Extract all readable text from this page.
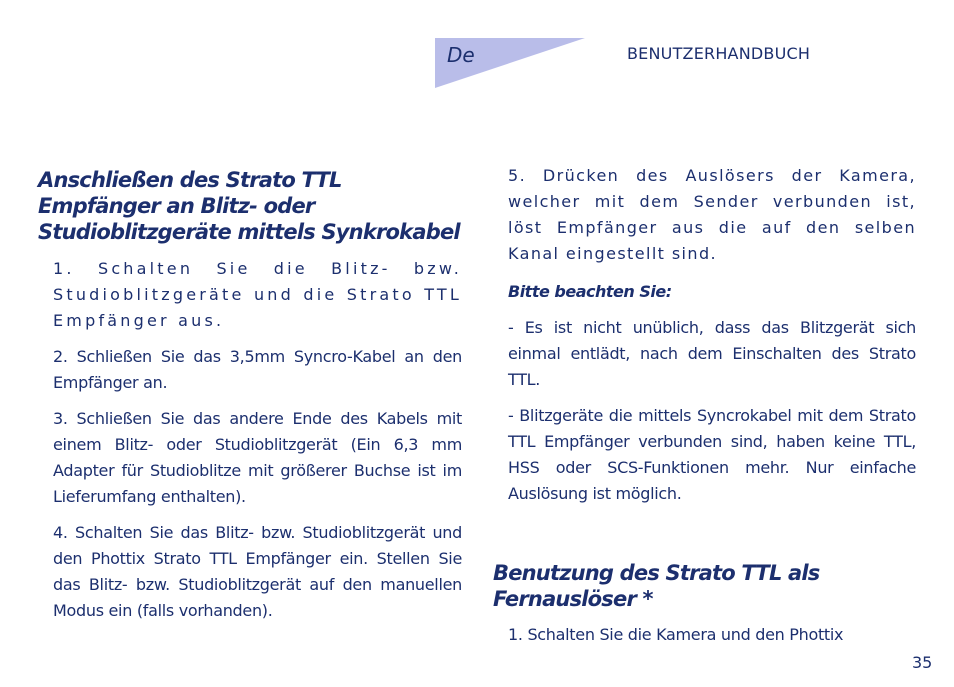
De	BENUTZERHANDBUCH
Anschließen des Strato TTL Empfänger an Blitz- oder Studioblitzgeräte mittels Synkrokabel

1. Schalten Sie die Blitz- bzw. Studioblitzgeräte und die Strato TTL Empfänger aus.

2. Schließen Sie das 3,5mm Syncro-Kabel an den Empfänger an.

3. Schließen Sie das andere Ende des Kabels mit einem Blitz- oder Studioblitzgerät (Ein 6,3 mm Adapter für Studioblitze mit größerer Buchse ist im Lieferumfang enthalten).

4. Schalten Sie das Blitz- bzw. Studioblitzgerät und den Phottix Strato TTL Empfänger ein. Stellen Sie das Blitz- bzw. Studioblitzgerät auf den manuellen Modus ein (falls vorhanden).

5. Drücken des Auslösers der Kamera, welcher mit dem Sender verbunden ist, löst Empfänger aus die auf den selben Kanal eingestellt sind.

Bitte beachten Sie:

- Es ist nicht unüblich, dass das Blitzgerät sich einmal entlädt, nach dem Einschalten des Strato TTL.

- Blitzgeräte die mittels Syncrokabel mit dem Strato TTL Empfänger verbunden sind, haben keine TTL, HSS oder SCS-Funktionen mehr. Nur einfache Auslösung ist möglich.

Benutzung des Strato TTL als Fernauslöser *

1. Schalten Sie die Kamera und den Phottix

35
